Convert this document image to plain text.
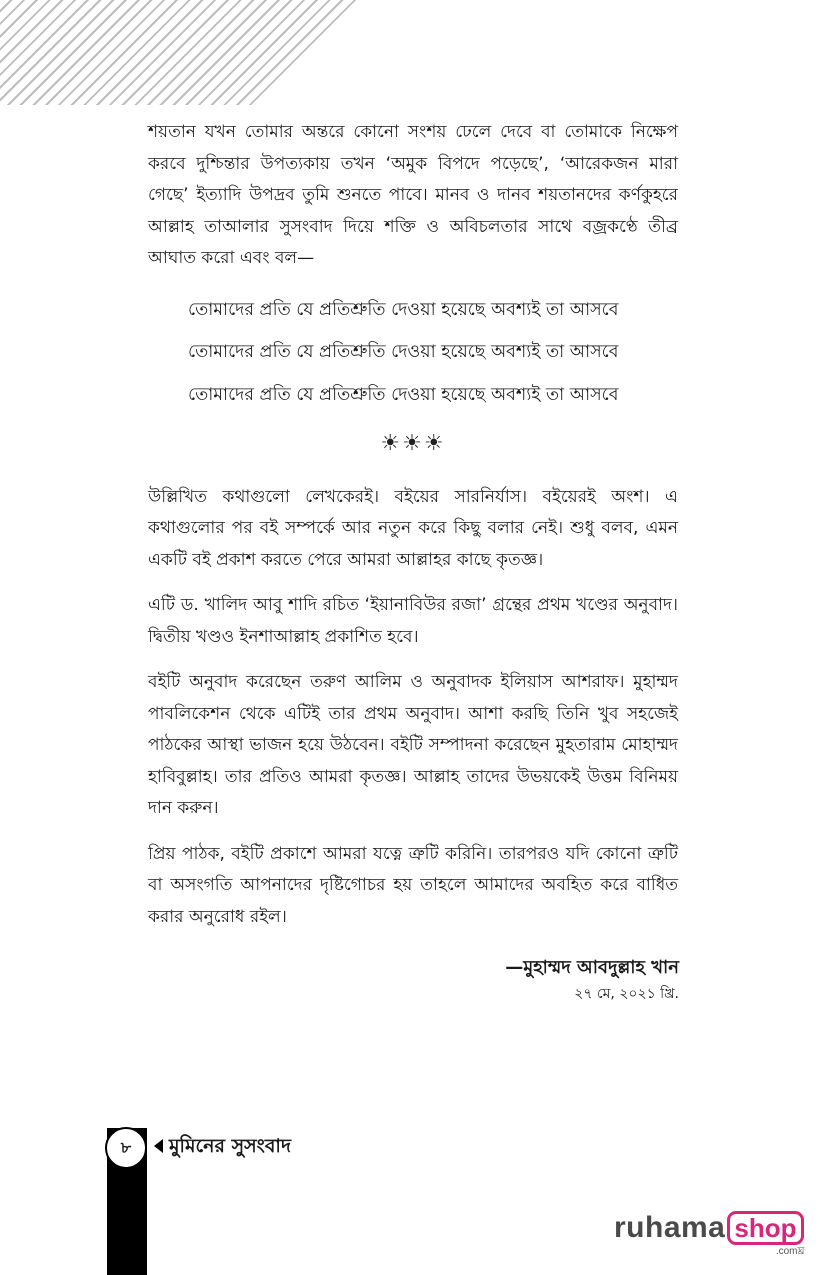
শয়তান যখন তোমার অন্তরে কোনো সংশয় ঢেলে দেবে বা তোমাকে নিক্ষেপ করবে দুশ্চিন্তার উপত্যকায় তখন ‘অমুক বিপদে পড়েছে’, ‘আরেকজন মারা গেছে’ ইত্যাদি উপদ্রব তুমি শুনতে পাবে। মানব ও দানব শয়তানদের কর্ণকুহরে আল্লাহ তাআলার সুসংবাদ দিয়ে শক্তি ও অবিচলতার সাথে বজ্রকণ্ঠে তীব্র আঘাত করো এবং বল—

তোমাদের প্রতি যে প্রতিশ্রুতি দেওয়া হয়েছে অবশ্যই তা আসবে
তোমাদের প্রতি যে প্রতিশ্রুতি দেওয়া হয়েছে অবশ্যই তা আসবে
তোমাদের প্রতি যে প্রতিশ্রুতি দেওয়া হয়েছে অবশ্যই তা আসবে
☀☀☀

উল্লিখিত কথাগুলো লেখকেরই। বইয়ের সারনির্যাস। বইয়েরই অংশ। এ কথাগুলোর পর বই সম্পর্কে আর নতুন করে কিছু বলার নেই। শুধু বলব, এমন একটি বই প্রকাশ করতে পেরে আমরা আল্লাহর কাছে কৃতজ্ঞ।

এটি ড. খালিদ আবু শাদি রচিত ‘ইয়ানাবিউর রজা’ গ্রন্থের প্রথম খণ্ডের অনুবাদ। দ্বিতীয় খণ্ডও ইনশাআল্লাহ প্রকাশিত হবে।

বইটি অনুবাদ করেছেন তরুণ আলিম ও অনুবাদক ইলিয়াস আশরাফ। মুহাম্মদ পাবলিকেশন থেকে এটিই তার প্রথম অনুবাদ। আশা করছি তিনি খুব সহজেই পাঠকের আস্থা ভাজন হয়ে উঠবেন। বইটি সম্পাদনা করেছেন মুহতারাম মোহাম্মদ হাবিবুল্লাহ। তার প্রতিও আমরা কৃতজ্ঞ। আল্লাহ তাদের উভয়কেই উত্তম বিনিময় দান করুন।

প্রিয় পাঠক, বইটি প্রকাশে আমরা যত্নে ত্রুটি করিনি। তারপরও যদি কোনো ত্রুটি বা অসংগতি আপনাদের দৃষ্টিগোচর হয় তাহলে আমাদের অবহিত করে বাধিত করার অনুরোধ রইল।

—মুহাম্মদ আবদুল্লাহ খান
২৭ মে, ২০২১ খ্রি.
৮	মুমিনের সুসংবাদ
ruhama shop
.comঘ্র
